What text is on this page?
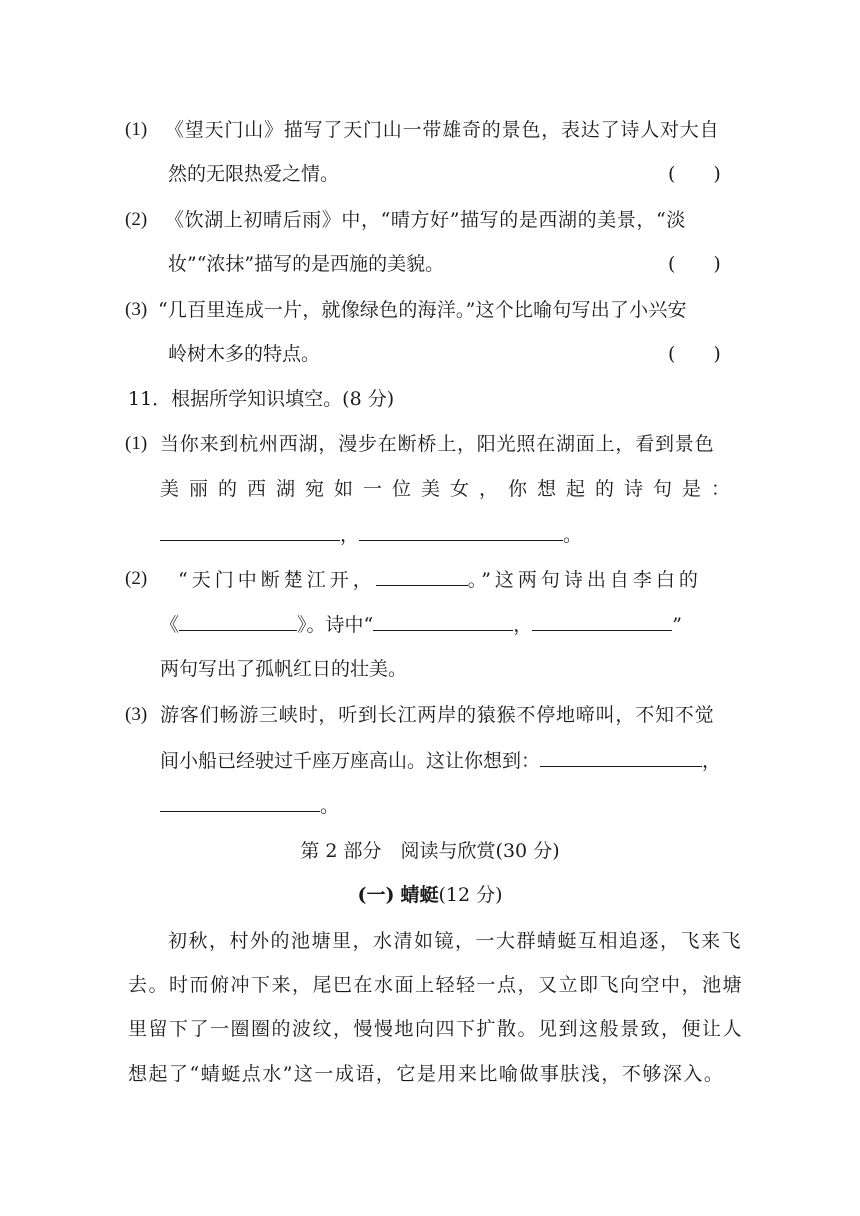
(1) 《望天门山》描写了天门山一带雄奇的景色，表达了诗人对大自
然的无限热爱之情。	(　　)
(2) 《饮湖上初晴后雨》中，“晴方好”描写的是西湖的美景，“淡
妆”“浓抹”描写的是西施的美貌。	(　　)
(3) “几百里连成一片，就像绿色的海洋。”这个比喻句写出了小兴安
岭树木多的特点。	(　　)
11．根据所学知识填空。(8 分)
(1) 当你来到杭州西湖，漫步在断桥上，阳光照在湖面上，看到景色
美丽的西湖宛如一位美女，你想起的诗句是：
，	。
(2) “天门中断楚江开，	。”这两句诗出自李白的
《	》。诗中“	，	”
两句写出了孤帆红日的壮美。
(3) 游客们畅游三峡时，听到长江两岸的猿猴不停地啼叫，不知不觉
间小船已经驶过千座万座高山。这让你想到：	，
。
第 2 部分　阅读与欣赏(30 分)
(一) 蜻蜓(12 分)
初秋，村外的池塘里，水清如镜，一大群蜻蜓互相追逐，飞来飞
去。时而俯冲下来，尾巴在水面上轻轻一点，又立即飞向空中，池塘
里留下了一圈圈的波纹，慢慢地向四下扩散。见到这般景致，便让人
想起了“蜻蜓点水”这一成语，它是用来比喻做事肤浅，不够深入。
